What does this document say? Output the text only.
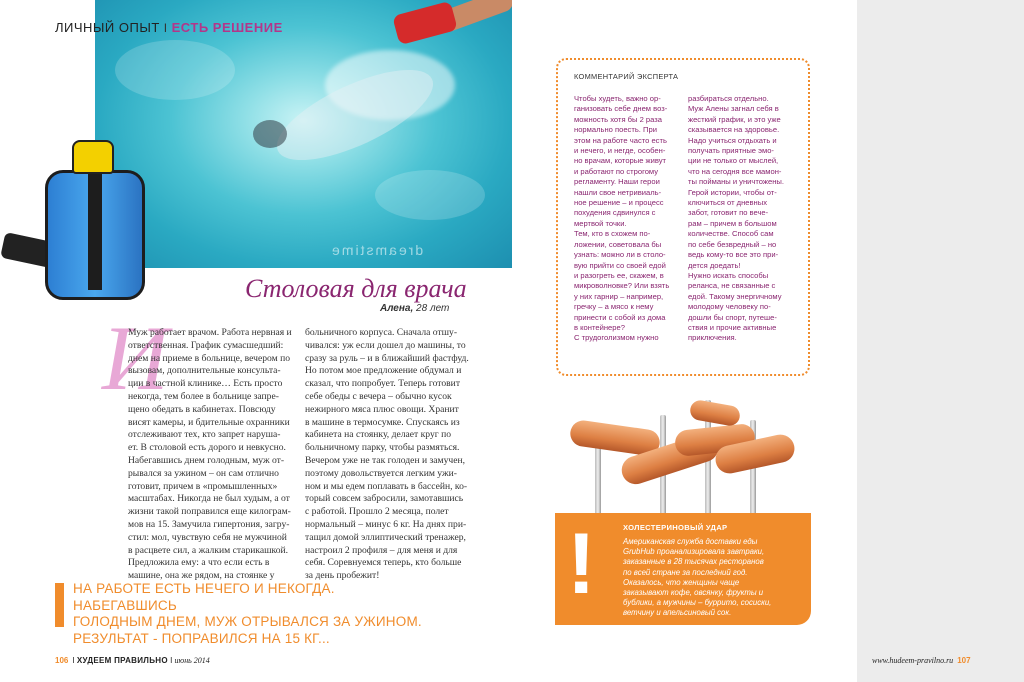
dreamstime
ЛИЧНЫЙ ОПЫТ I ЕСТЬ РЕШЕНИЕ
Столовая для врача
Алена, 28 лет
И
Муж работает врачом. Работа нервная и
ответственная. График сумасшедший:
днем на приеме в больнице, вечером по
вызовам, дополнительные консульта-
ции в частной клинике… Есть просто
некогда, тем более в больнице запре-
щено обедать в кабинетах. Повсюду
висят камеры, и бдительные охранники
отслеживают тех, кто запрет наруша-
ет. В столовой есть дорого и невкусно.
Набегавшись днем голодным, муж от-
рывался за ужином – он сам отлично
готовит, причем в «промышленных»
масштабах. Никогда не был худым, а от
жизни такой поправился еще килограм-
мов на 15. Замучила гипертония, загру-
стил: мол, чувствую себя не мужчиной
в расцвете сил, а жалким старикашкой.
Предложила ему: а что если есть в
машине, она же рядом, на стоянке у
больничного корпуса. Сначала отшу-
чивался: уж если дошел до машины, то
сразу за руль – и в ближайший фастфуд.
Но потом мое предложение обдумал и
сказал, что попробует. Теперь готовит
себе обеды с вечера – обычно кусок
нежирного мяса плюс овощи. Хранит
в машине в термосумке. Спускаясь из
кабинета на стоянку, делает круг по
больничному парку, чтобы размяться.
Вечером уже не так голоден и замучен,
поэтому довольствуется легким ужи-
ном и мы едем поплавать в бассейн, ко-
торый совсем забросили, замотавшись
с работой. Прошло 2 месяца, полет
нормальный – минус 6 кг. На днях при-
тащил домой эллиптический тренажер,
настроил 2 профиля – для меня и для
себя. Соревнуемся теперь, кто больше
за день пробежит!
НА РАБОТЕ ЕСТЬ НЕЧЕГО И НЕКОГДА. НАБЕГАВШИСЬ
ГОЛОДНЫМ ДНЕМ, МУЖ ОТРЫВАЛСЯ ЗА УЖИНОМ.
РЕЗУЛЬТАТ - ПОПРАВИЛСЯ НА 15 КГ...
106 I ХУДЕЕМ ПРАВИЛЬНО I июнь 2014	www.hudeem-pravilno.ru 107
КОММЕНТАРИЙ ЭКСПЕРТА
Чтобы худеть, важно ор-
ганизовать себе днем воз-
можность хотя бы 2 раза
нормально поесть. При
этом на работе часто есть
и нечего, и негде, особен-
но врачам, которые живут
и работают по строгому
регламенту. Наши герои
нашли свое нетривиаль-
ное решение – и процесс
похудения сдвинулся с
мертвой точки.
Тем, кто в схожем по-
ложении, советовала бы
узнать: можно ли в столо-
вую прийти со своей едой
и разогреть ее, скажем, в
микроволновке? Или взять
у них гарнир – например,
гречку – а мясо к нему
принести с собой из дома
в контейнере?
С трудоголизмом нужно
разбираться отдельно.
Муж Алены загнал себя в
жесткий график, и это уже
сказывается на здоровье.
Надо учиться отдыхать и
получать приятные эмо-
ции не только от мыслей,
что на сегодня все мамон-
ты пойманы и уничтожены.
Герой истории, чтобы от-
ключиться от дневных
забот, готовит по вече-
рам – причем в большом
количестве. Способ сам
по себе безвредный – но
ведь кому-то все это при-
дется доедать!
Нужно искать способы
реланса, не связанные с
едой. Такому энергичному
молодому человеку по-
дошли бы спорт, путеше-
ствия и прочие активные
приключения.
!	ХОЛЕСТЕРИНОВЫЙ УДАР
Американская служба доставки еды
GrubHub проанализировала завтраки,
заказанные в 28 тысячах ресторанов
по всей стране за последний год.
Оказалось, что женщины чаще
заказывают кофе, овсянку, фрукты и
бублики, а мужчины – буррито, сосиски,
ветчину и апельсиновый сок.
